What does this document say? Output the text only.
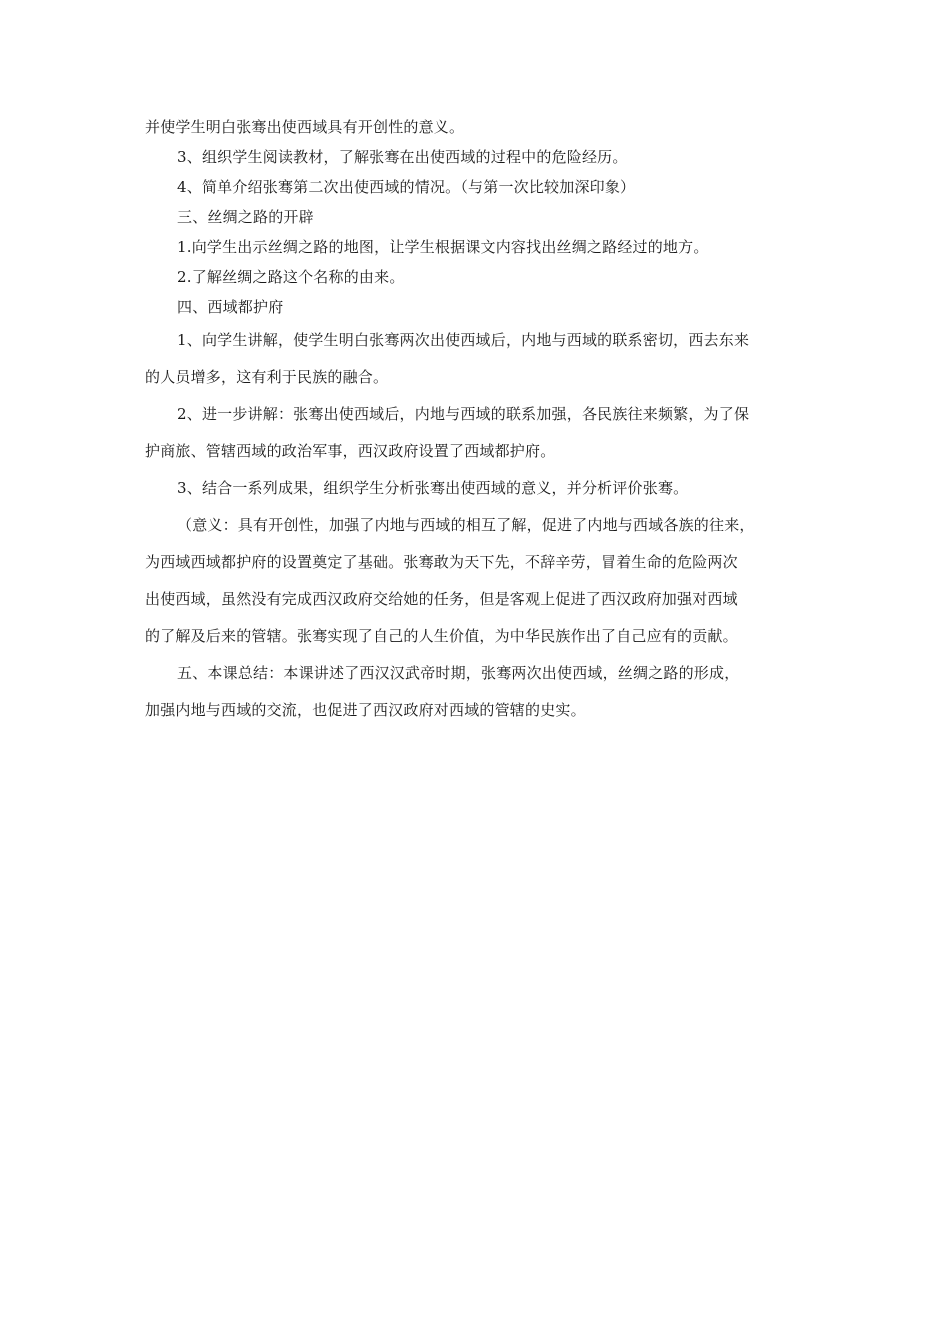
并使学生明白张骞出使西域具有开创性的意义。
3、组织学生阅读教材，了解张骞在出使西域的过程中的危险经历。
4、简单介绍张骞第二次出使西域的情况。（与第一次比较加深印象）
三、丝绸之路的开辟
1.向学生出示丝绸之路的地图，让学生根据课文内容找出丝绸之路经过的地方。
2.了解丝绸之路这个名称的由来。
四、西域都护府
1、向学生讲解，使学生明白张骞两次出使西域后，内地与西域的联系密切，西去东来
的人员增多，这有利于民族的融合。
2、进一步讲解：张骞出使西域后，内地与西域的联系加强，各民族往来频繁，为了保
护商旅、管辖西域的政治军事，西汉政府设置了西域都护府。
3、结合一系列成果，组织学生分析张骞出使西域的意义，并分析评价张骞。
（意义：具有开创性，加强了内地与西域的相互了解，促进了内地与西域各族的往来，
为西域西域都护府的设置奠定了基础。张骞敢为天下先，不辞辛劳，冒着生命的危险两次
出使西域，虽然没有完成西汉政府交给她的任务，但是客观上促进了西汉政府加强对西域
的了解及后来的管辖。张骞实现了自己的人生价值，为中华民族作出了自己应有的贡献。
五、本课总结：本课讲述了西汉汉武帝时期，张骞两次出使西域，丝绸之路的形成，
加强内地与西域的交流，也促进了西汉政府对西域的管辖的史实。
